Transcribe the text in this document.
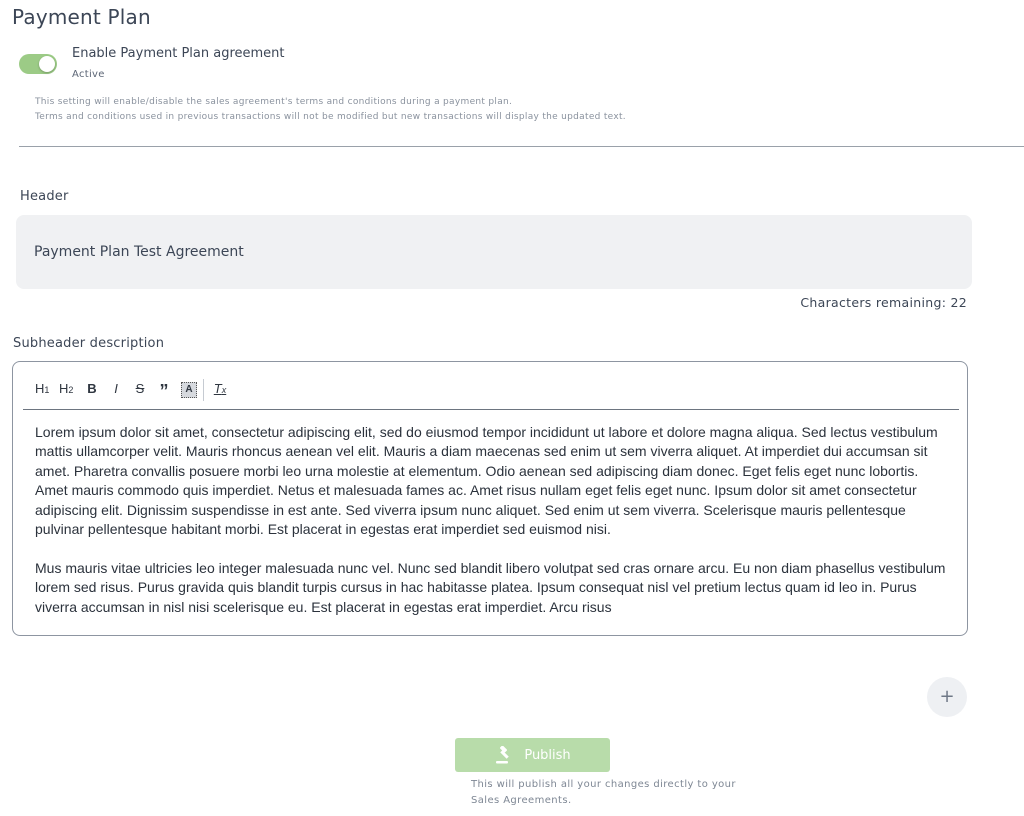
Payment Plan
Enable Payment Plan agreement
Active
This setting will enable/disable the sales agreement's terms and conditions during a payment plan.
Terms and conditions used in previous transactions will not be modified but new transactions will display the updated text.
Header
Payment Plan Test Agreement
Characters remaining: 22
Subheader description
H1 H2 B	I	S ”	A	Tx

Lorem ipsum dolor sit amet, consectetur adipiscing elit, sed do eiusmod tempor incididunt ut labore et dolore magna aliqua. Sed lectus vestibulum mattis ullamcorper velit. Mauris rhoncus aenean vel elit. Mauris a diam maecenas sed enim ut sem viverra aliquet. At imperdiet dui accumsan sit amet. Pharetra convallis posuere morbi leo urna molestie at elementum. Odio aenean sed adipiscing diam donec. Eget felis eget nunc lobortis. Amet mauris commodo quis imperdiet. Netus et malesuada fames ac. Amet risus nullam eget felis eget nunc. Ipsum dolor sit amet consectetur adipiscing elit. Dignissim suspendisse in est ante. Sed viverra ipsum nunc aliquet. Sed enim ut sem viverra. Scelerisque mauris pellentesque pulvinar pellentesque habitant morbi. Est placerat in egestas erat imperdiet sed euismod nisi.

Mus mauris vitae ultricies leo integer malesuada nunc vel. Nunc sed blandit libero volutpat sed cras ornare arcu. Eu non diam phasellus vestibulum lorem sed risus. Purus gravida quis blandit turpis cursus in hac habitasse platea. Ipsum consequat nisl vel pretium lectus quam id leo in. Purus viverra accumsan in nisl nisi scelerisque eu. Est placerat in egestas erat imperdiet. Arcu risus

+
Publish
This will publish all your changes directly to your
Sales Agreements.
